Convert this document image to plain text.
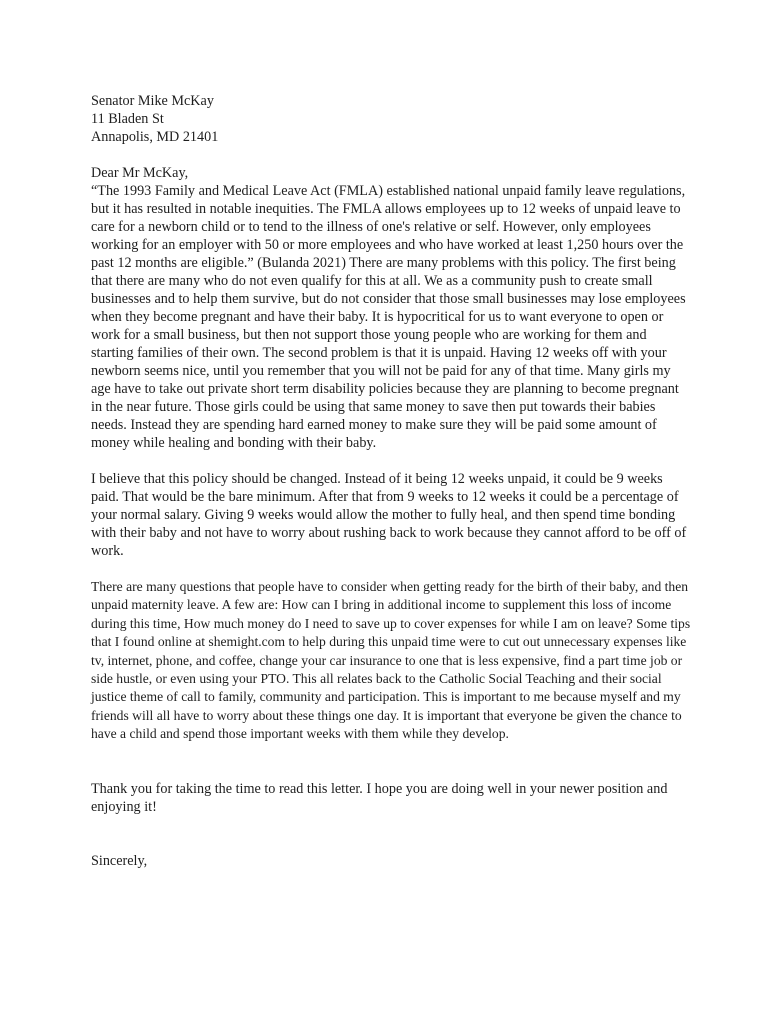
Senator Mike McKay
11 Bladen St
Annapolis, MD 21401
Dear Mr McKay,

“The 1993 Family and Medical Leave Act (FMLA) established national unpaid family leave regulations, but it has resulted in notable inequities. The FMLA allows employees up to 12 weeks of unpaid leave to care for a newborn child or to tend to the illness of one's relative or self. However, only employees working for an employer with 50 or more employees and who have worked at least 1,250 hours over the past 12 months are eligible.” (Bulanda 2021) There are many problems with this policy. The first being that there are many who do not even qualify for this at all. We as a community push to create small businesses and to help them survive, but do not consider that those small businesses may lose employees when they become pregnant and have their baby. It is hypocritical for us to want everyone to open or work for a small business, but then not support those young people who are working for them and starting families of their own. The second problem is that it is unpaid. Having 12 weeks off with your newborn seems nice, until you remember that you will not be paid for any of that time. Many girls my age have to take out private short term disability policies because they are planning to become pregnant in the near future. Those girls could be using that same money to save then put towards their babies needs. Instead they are spending hard earned money to make sure they will be paid some amount of money while healing and bonding with their baby.

I believe that this policy should be changed. Instead of it being 12 weeks unpaid, it could be 9 weeks paid. That would be the bare minimum. After that from 9 weeks to 12 weeks it could be a percentage of your normal salary. Giving 9 weeks would allow the mother to fully heal, and then spend time bonding with their baby and not have to worry about rushing back to work because they cannot afford to be off of work.

There are many questions that people have to consider when getting ready for the birth of their baby, and then unpaid maternity leave. A few are: How can I bring in additional income to supplement this loss of income during this time, How much money do I need to save up to cover expenses for while I am on leave? Some tips that I found online at shemight.com to help during this unpaid time were to cut out unnecessary expenses like tv, internet, phone, and coffee, change your car insurance to one that is less expensive, find a part time job or side hustle, or even using your PTO. This all relates back to the Catholic Social Teaching and their social justice theme of call to family, community and participation. This is important to me because myself and my friends will all have to worry about these things one day. It is important that everyone be given the chance to have a child and spend those important weeks with them while they develop.

Thank you for taking the time to read this letter. I hope you are doing well in your newer position and enjoying it!

Sincerely,
